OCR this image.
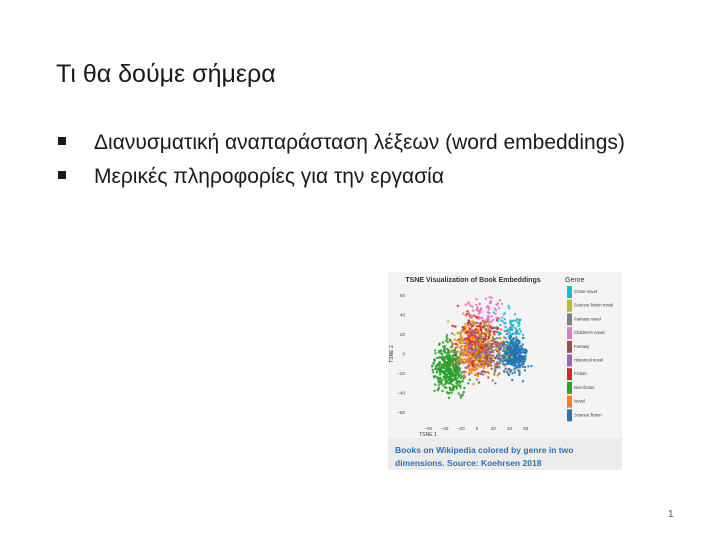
Τι θα δούμε σήμερα
Διανυσματική αναπαράσταση λέξεων (word embeddings)
Μερικές πληροφορίες για την εργασία
TSNE Visualization of Book Embeddings
−60 −40 −20 0	20 40 60
60
40
20
0
−20
−40
−60
TSNE 1
TSNE 2
Genre
Crime novel
Science fiction novel
Fantasy novel
Children's novel
Fantasy
Historical novel
Fiction
Non-fiction
Novel
Science fiction

Books on Wikipedia colored by genre in two dimensions. Source: Koehrsen 2018

1
